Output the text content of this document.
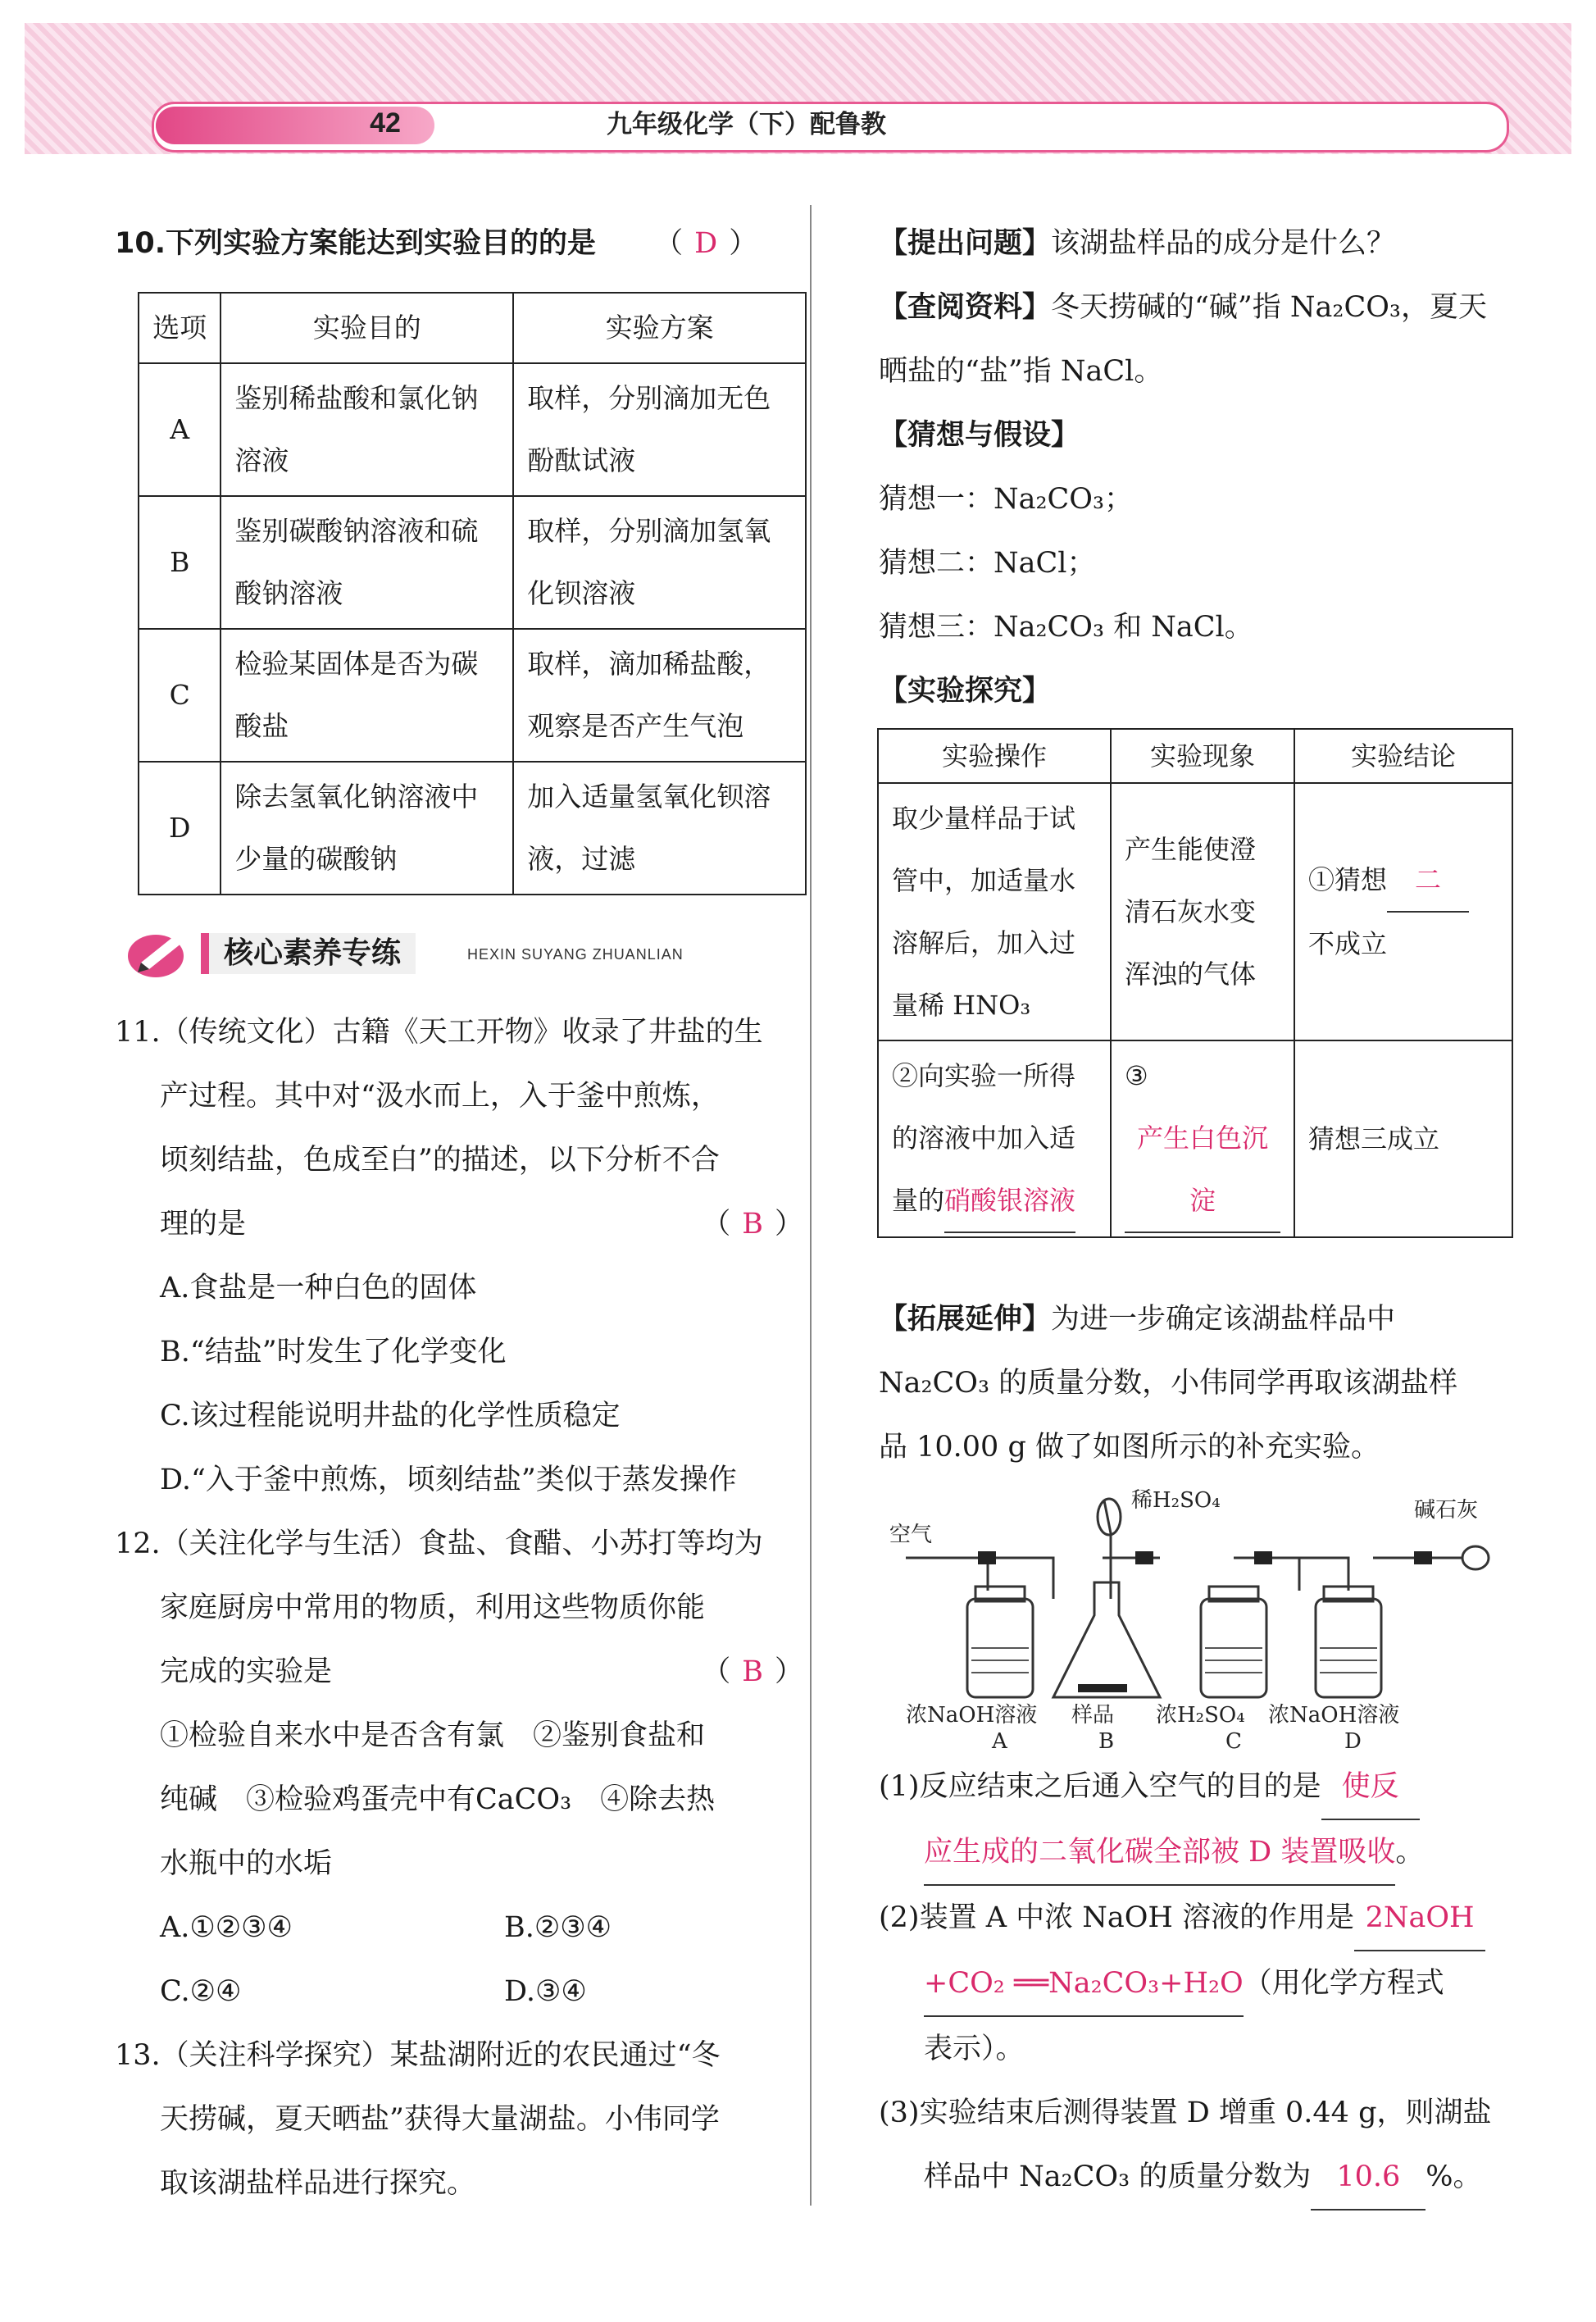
42	九年级化学（下）配鲁教

10.下列实验方案能达到实验目的的是 （ D ）

选项	实验目的	实验方案
A	鉴别稀盐酸和氯化钠溶液	取样，分别滴加无色酚酞试液
B	鉴别碳酸钠溶液和硫酸钠溶液	取样，分别滴加氢氧化钡溶液
C	检验某固体是否为碳酸盐	取样，滴加稀盐酸，观察是否产生气泡
D	除去氢氧化钠溶液中少量的碳酸钠	加入适量氢氧化钡溶液，过滤
核心素养专练	HEXIN SUYANG ZHUANLIAN

11.（传统文化）古籍《天工开物》收录了井盐的生

产过程。其中对“汲水而上，入于釜中煎炼，

顷刻结盐，色成至白”的描述，以下分析不合

理的是	（ B ）

A.食盐是一种白色的固体

B.“结盐”时发生了化学变化

C.该过程能说明井盐的化学性质稳定

D.“入于釜中煎炼，顷刻结盐”类似于蒸发操作

12.（关注化学与生活）食盐、食醋、小苏打等均为

家庭厨房中常用的物质，利用这些物质你能

完成的实验是	（ B ）

①检验自来水中是否含有氯　②鉴别食盐和

纯碱　③检验鸡蛋壳中有CaCO₃　④除去热

水瓶中的水垢

A.①②③④	B.②③④

C.②④	D.③④

13.（关注科学探究）某盐湖附近的农民通过“冬

天捞碱，夏天晒盐”获得大量湖盐。小伟同学

取该湖盐样品进行探究。

【提出问题】该湖盐样品的成分是什么？

【查阅资料】冬天捞碱的“碱”指 Na₂CO₃，夏天

晒盐的“盐”指 NaCl。

【猜想与假设】

猜想一：Na₂CO₃；

猜想二：NaCl；

猜想三：Na₂CO₃ 和 NaCl。

【实验探究】

实验操作	实验现象	实验结论
取少量样品于试管中，加适量水溶解后，加入过量稀 HNO₃	产生能使澄清石灰水变浑浊的气体	①猜想 二
不成立
②向实验一所得的溶液中加入适量的硝酸银溶液	③产生白色沉淀	猜想三成立

【拓展延伸】为进一步确定该湖盐样品中

Na₂CO₃ 的质量分数，小伟同学再取该湖盐样

品 10.00 g 做了如图所示的补充实验。

空气
稀H₂SO₄	碱石灰
浓NaOH溶液
A
样品
B
浓H₂SO₄
C
浓NaOH溶液
D

(1)反应结束之后通入空气的目的是 使反

应生成的二氧化碳全部被 D 装置吸收。

(2)装置 A 中浓 NaOH 溶液的作用是 2NaOH

+CO₂ ══Na₂CO₃+H₂O（用化学方程式

表示）。

(3)实验结束后测得装置 D 增重 0.44 g，则湖盐

样品中 Na₂CO₃ 的质量分数为 10.6 %。
